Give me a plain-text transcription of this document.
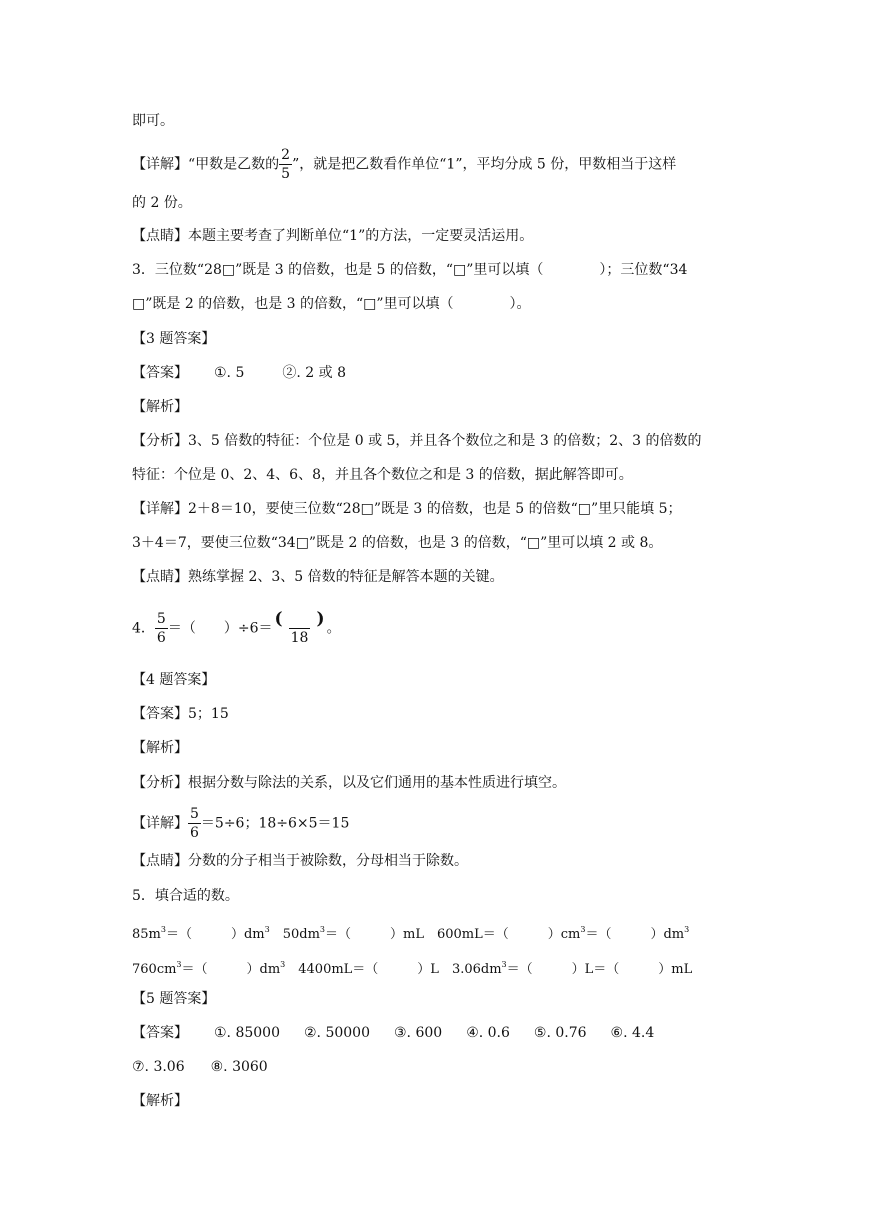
即可。
【详解】“甲数是乙数的 $\frac{2}{5}$ ”，就是把乙数看作单位“1”，平均分成 5 份，甲数相当于这样
的 2 份。
【点睛】本题主要考查了判断单位“1”的方法，一定要灵活运用。
3．三位数“28□”既是 3 的倍数，也是 5 的倍数，“□”里可以填（　　　　）；三位数“34
□”既是 2 的倍数，也是 3 的倍数，“□”里可以填（　　　　）。
【3 题答案】
【答案】 ①. 5	②. 2 或 8
【解析】
【分析】3、5 倍数的特征：个位是 0 或 5，并且各个数位之和是 3 的倍数；2、3 的倍数的
特征：个位是 0、2、4、6、8，并且各个数位之和是 3 的倍数，据此解答即可。
【详解】2＋8＝10，要使三位数“28□”既是 3 的倍数，也是 5 的倍数“□”里只能填 5；
3＋4＝7，要使三位数“34□”既是 2 的倍数，也是 3 的倍数，“□”里可以填 2 或 8。
【点睛】熟练掌握 2、3、5 倍数的特征是解答本题的关键。
4． $\frac{5}{6}$ ＝（　　）$\div 6= \frac{( )}{18}$ 。
【4 题答案】
【答案】5；15
【解析】
【分析】根据分数与除法的关系，以及它们通用的基本性质进行填空。
【详解】 $\frac{5}{6} =5\div 6$；18÷6×5＝15
【点睛】分数的分子相当于被除数，分母相当于除数。
5．填合适的数。
$85m^3=$（　　　）$dm^3$　$50dm^3=$（　　　）mL　600mL＝（　　　）$cm^3=$（　　　）$dm^3$
$760cm^3=$（　　　）$dm^3$　4400mL＝（　　　）L　$3.06dm^3=$（　　　）L＝（　　　）mL
【5 题答案】
【答案】 ①. 85000 ②. 50000 ③. 600 ④. 0.6 ⑤. 0.76 ⑥. 4.4
⑦. 3.06 ⑧. 3060
【解析】
